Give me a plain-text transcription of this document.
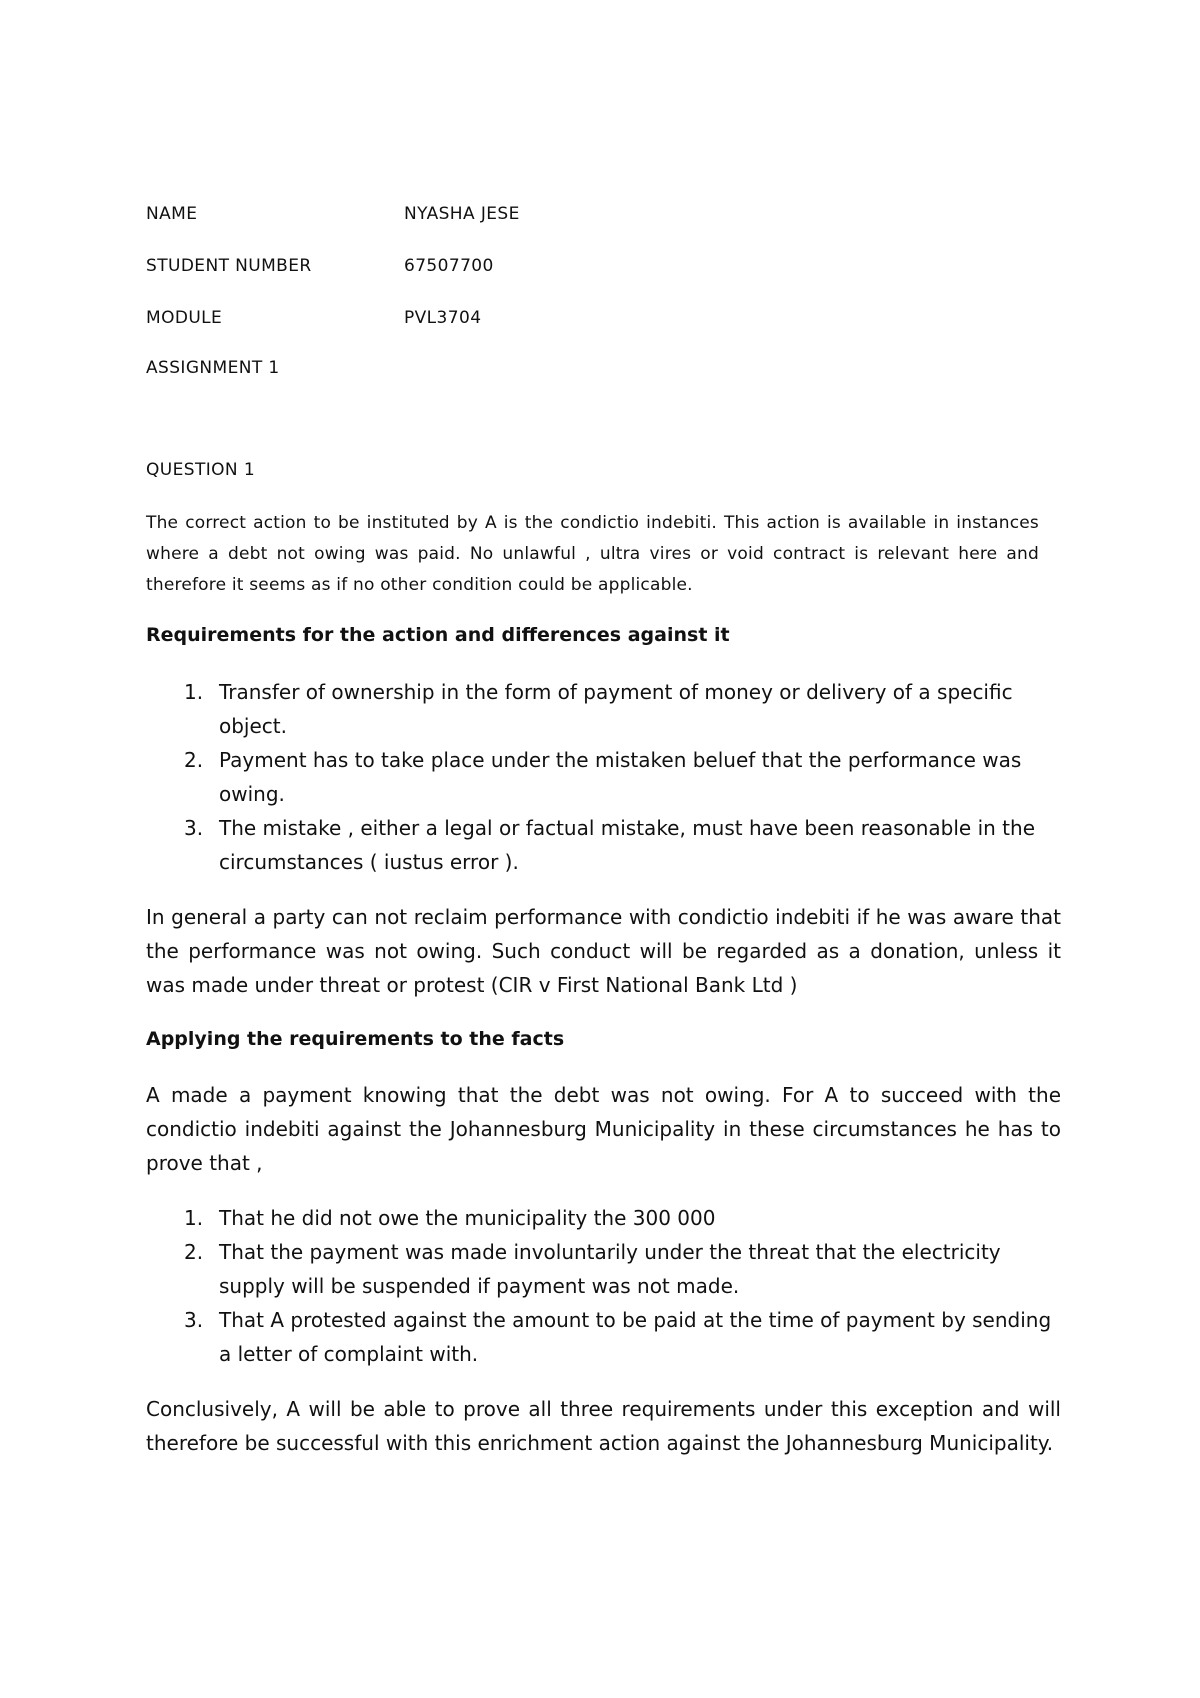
NAME	NYASHA JESE
STUDENT NUMBER	67507700
MODULE	PVL3704
ASSIGNMENT 1
QUESTION 1

The correct action to be instituted by A is the condictio indebiti. This action is available in instances where a debt not owing was paid. No unlawful , ultra vires or void contract is relevant here and therefore it seems as if no other condition could be applicable.

Requirements for the action and differences against it
1. Transfer of ownership in the form of payment of money or delivery of a specific object.
2. Payment has to take place under the mistaken beluef that the performance was owing.
3. The mistake , either a legal or factual mistake, must have been reasonable in the circumstances ( iustus error ).

In general a party can not reclaim performance with condictio indebiti if he was aware that the performance was not owing. Such conduct will be regarded as a donation, unless it was made under threat or protest (CIR v First National Bank Ltd )

Applying the requirements to the facts

A made a payment knowing that the debt was not owing. For A to succeed with the condictio indebiti against the Johannesburg Municipality in these circumstances he has to prove that ,

1. That he did not owe the municipality the 300 000
2. That the payment was made involuntarily under the threat that the electricity supply will be suspended if payment was not made.
3. That A protested against the amount to be paid at the time of payment by sending a letter of complaint with.

Conclusively, A will be able to prove all three requirements under this exception and will therefore be successful with this enrichment action against the Johannesburg Municipality.
